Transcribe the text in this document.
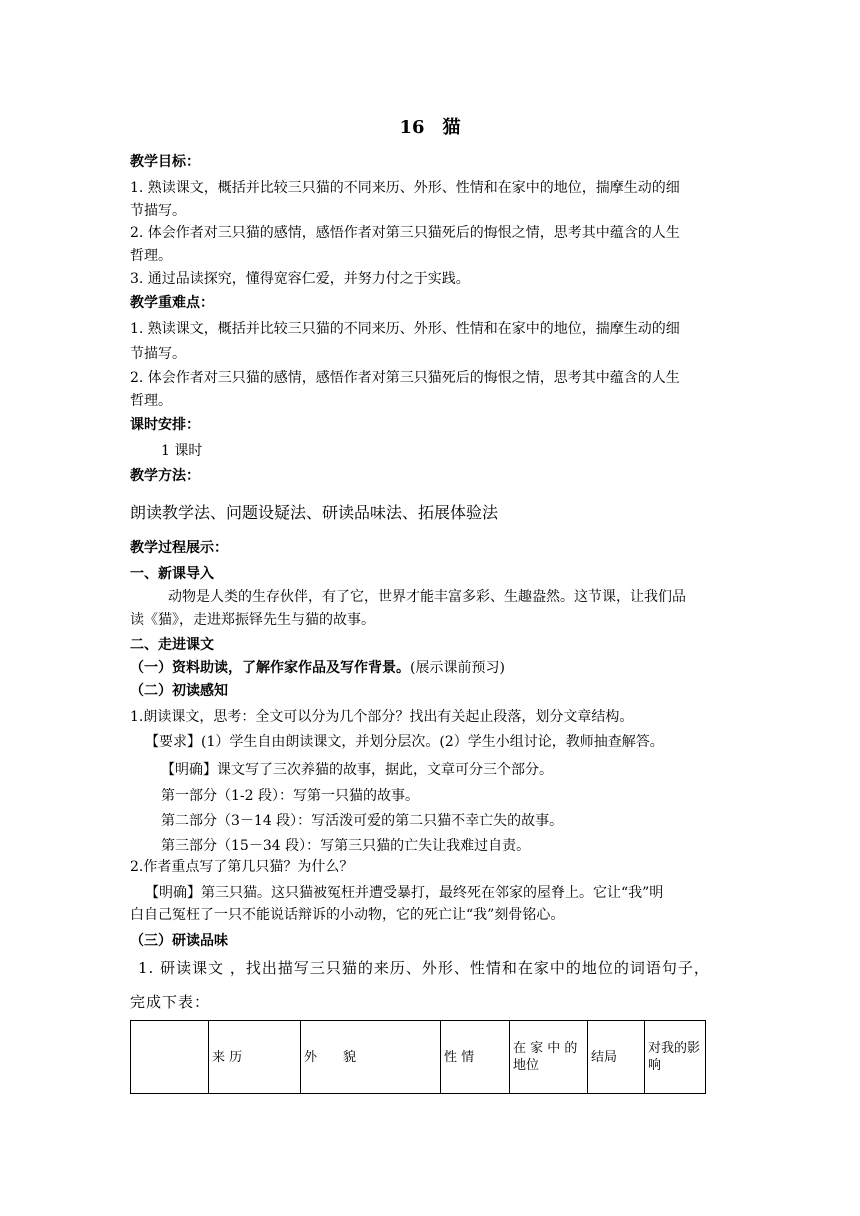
16　猫
教学目标：
1. 熟读课文，概括并比较三只猫的不同来历、外形、性情和在家中的地位，揣摩生动的细
节描写。
2. 体会作者对三只猫的感情，感悟作者对第三只猫死后的悔恨之情，思考其中蕴含的人生
哲理。
3. 通过品读探究，懂得宽容仁爱，并努力付之于实践。
教学重难点：
1. 熟读课文，概括并比较三只猫的不同来历、外形、性情和在家中的地位，揣摩生动的细
节描写。
2. 体会作者对三只猫的感情，感悟作者对第三只猫死后的悔恨之情，思考其中蕴含的人生
哲理。
课时安排：
1 课时
教学方法：
朗读教学法、问题设疑法、研读品味法、拓展体验法
教学过程展示：
一、新课导入
动物是人类的生存伙伴，有了它，世界才能丰富多彩、生趣盎然。这节课，让我们品
读《猫》，走进郑振铎先生与猫的故事。
二、走进课文
（一）资料助读，了解作家作品及写作背景。(展示课前预习)
（二）初读感知
1.朗读课文，思考：全文可以分为几个部分？找出有关起止段落，划分文章结构。
【要求】(1）学生自由朗读课文，并划分层次。(2）学生小组讨论，教师抽查解答。
【明确】课文写了三次养猫的故事，据此，文章可分三个部分。
第一部分（1-2 段）：写第一只猫的故事。
第二部分（3－14 段）：写活泼可爱的第二只猫不幸亡失的故事。
第三部分（15－34 段）：写第三只猫的亡失让我难过自责。
2.作者重点写了第几只猫？为什么？
【明确】第三只猫。这只猫被冤枉并遭受暴打，最终死在邻家的屋脊上。它让“我”明
白自己冤枉了一只不能说话辩诉的小动物，它的死亡让“我”刻骨铭心。
（三）研读品味
1. 研读课文 ，找出描写三只猫的来历、外形、性情和在家中的地位的词语句子，
完成下表：
	来 历	外　　貌	性 情	在 家 中 的地位	结局	对我的影响
